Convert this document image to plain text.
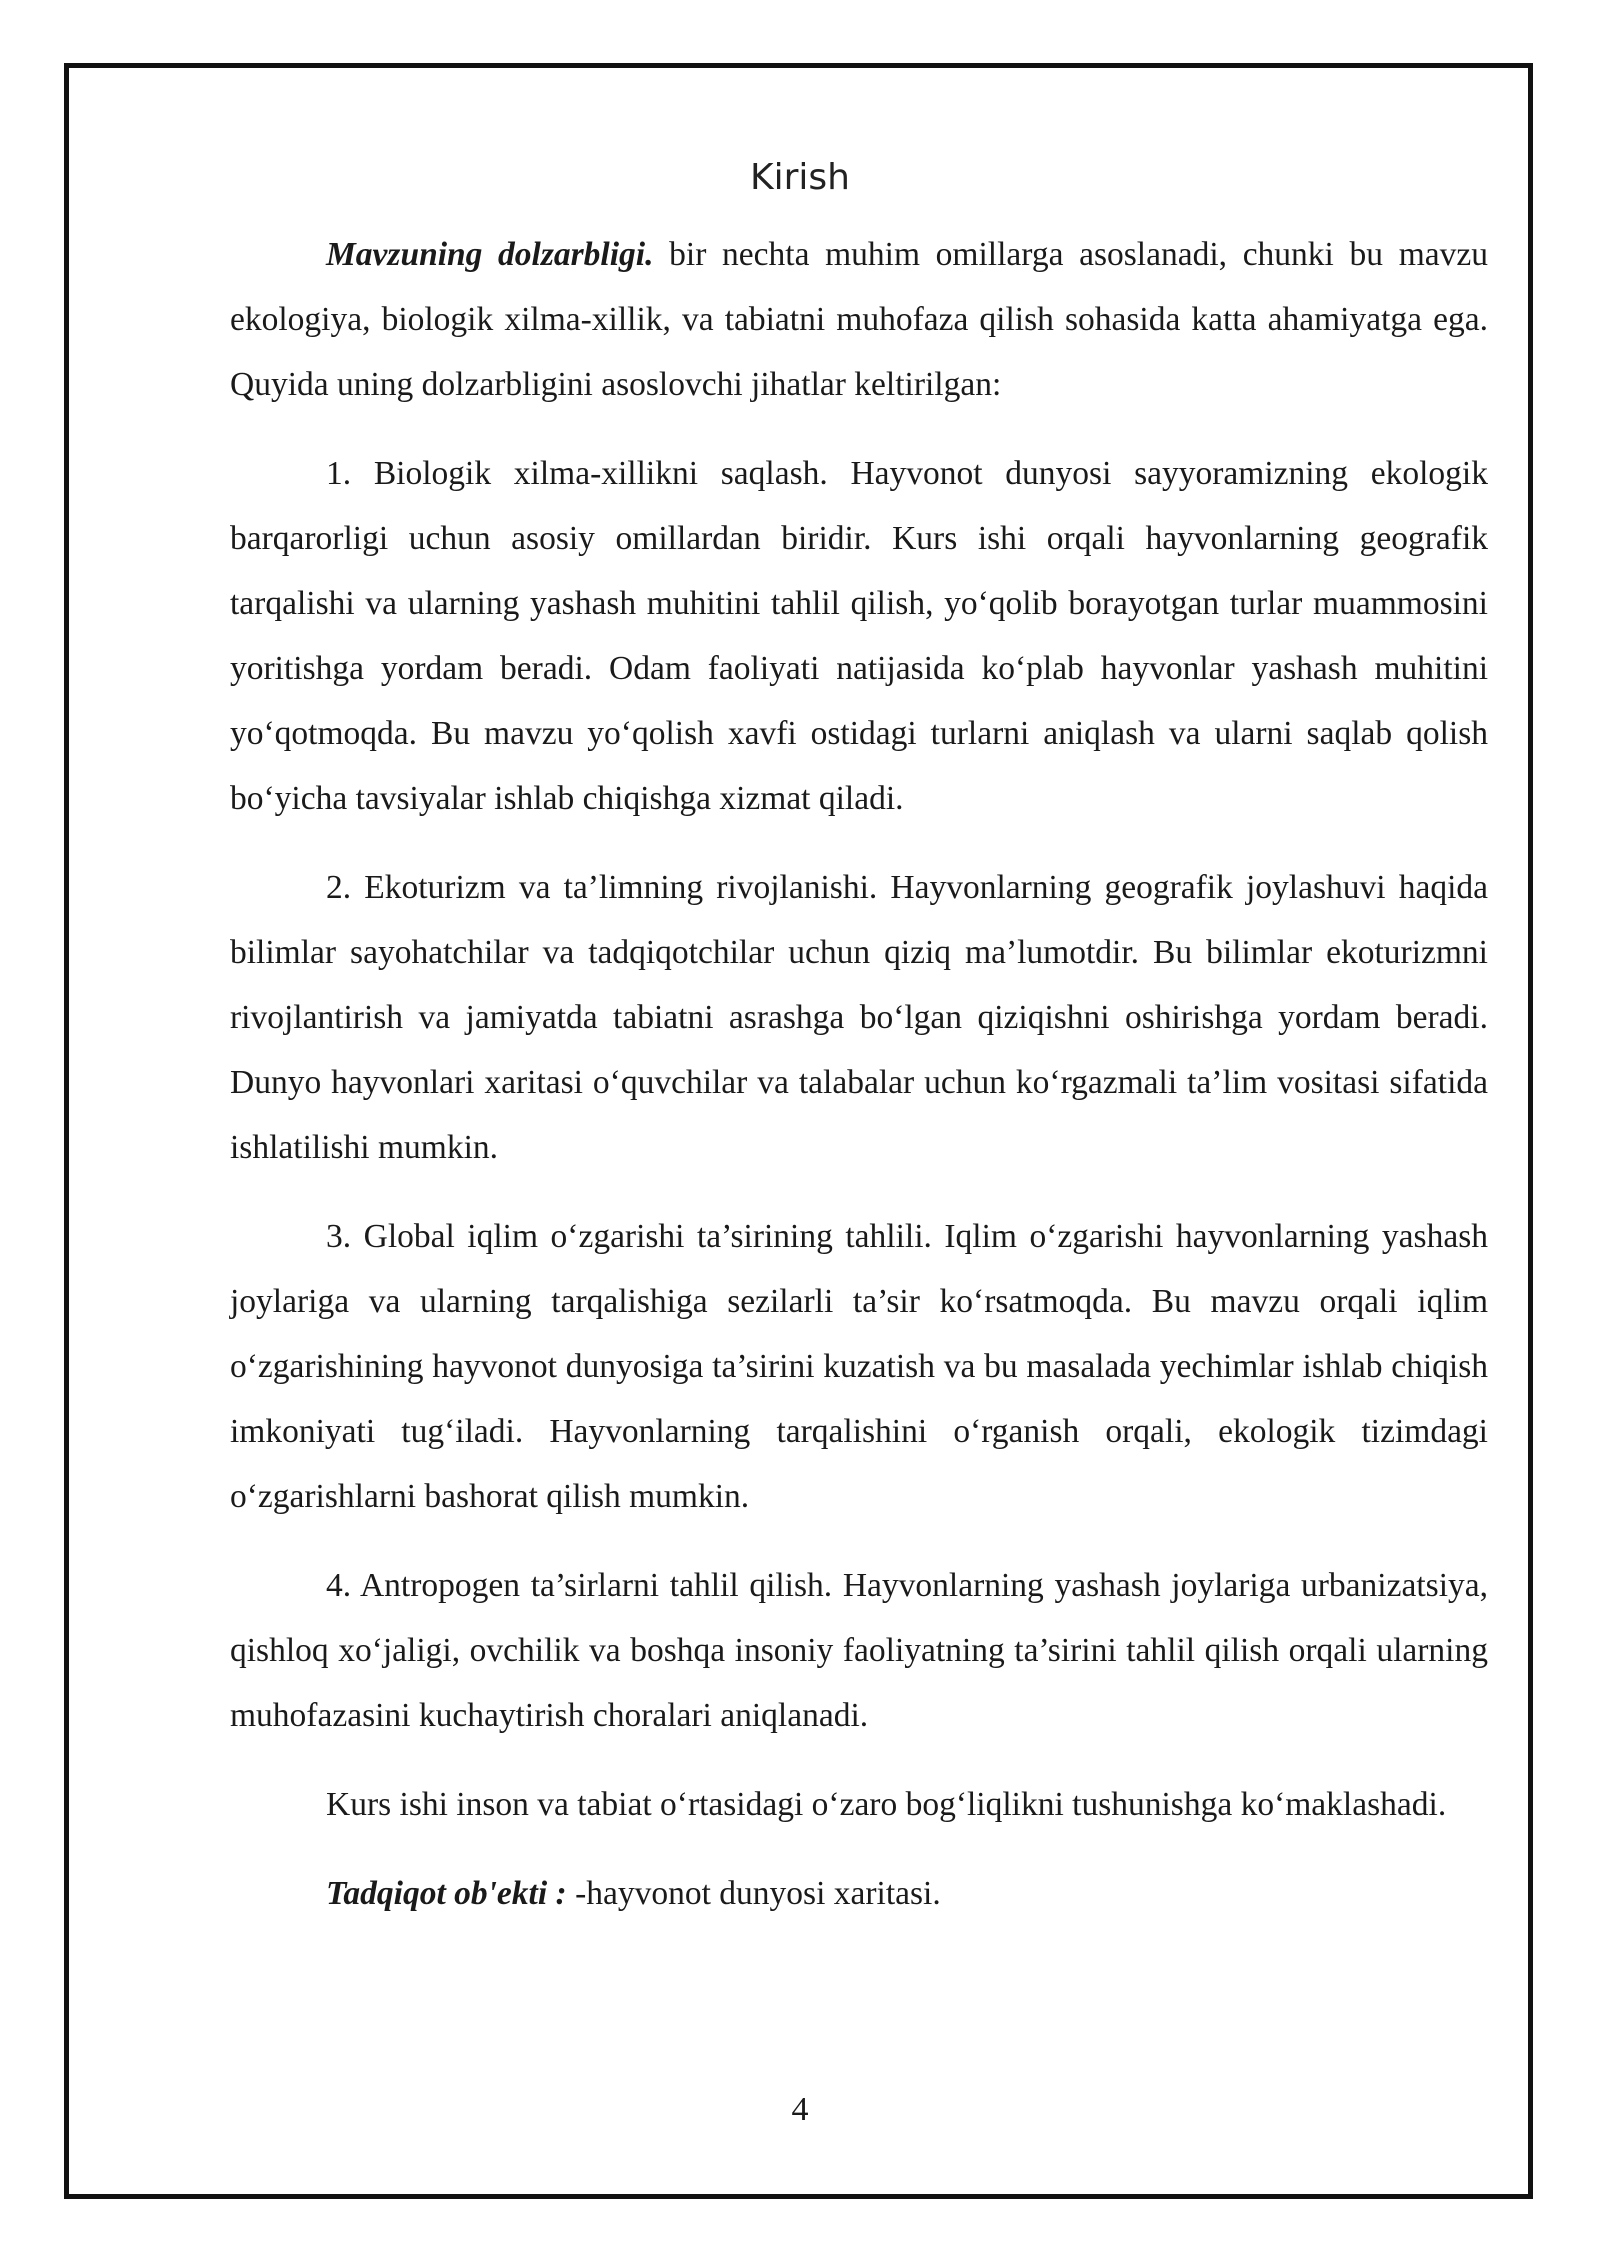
Kirish

Mavzuning dolzarbligi. bir nechta muhim omillarga asoslanadi, chunki bu mavzu ekologiya, biologik xilma-xillik, va tabiatni muhofaza qilish sohasida katta ahamiyatga ega. Quyida uning dolzarbligini asoslovchi jihatlar keltirilgan:

1. Biologik xilma-xillikni saqlash. Hayvonot dunyosi sayyoramizning ekologik barqarorligi uchun asosiy omillardan biridir. Kurs ishi orqali hayvonlarning geografik tarqalishi va ularning yashash muhitini tahlil qilish, yo‘qolib borayotgan turlar muammosini yoritishga yordam beradi. Odam faoliyati natijasida ko‘plab hayvonlar yashash muhitini yo‘qotmoqda. Bu mavzu yo‘qolish xavfi ostidagi turlarni aniqlash va ularni saqlab qolish bo‘yicha tavsiyalar ishlab chiqishga xizmat qiladi.

2. Ekoturizm va ta’limning rivojlanishi. Hayvonlarning geografik joylashuvi haqida bilimlar sayohatchilar va tadqiqotchilar uchun qiziq ma’lumotdir. Bu bilimlar ekoturizmni rivojlantirish va jamiyatda tabiatni asrashga bo‘lgan qiziqishni oshirishga yordam beradi. Dunyo hayvonlari xaritasi o‘quvchilar va talabalar uchun ko‘rgazmali ta’lim vositasi sifatida ishlatilishi mumkin.

3. Global iqlim o‘zgarishi ta’sirining tahlili. Iqlim o‘zgarishi hayvonlarning yashash joylariga va ularning tarqalishiga sezilarli ta’sir ko‘rsatmoqda. Bu mavzu orqali iqlim o‘zgarishining hayvonot dunyosiga ta’sirini kuzatish va bu masalada yechimlar ishlab chiqish imkoniyati tug‘iladi. Hayvonlarning tarqalishini o‘rganish orqali, ekologik tizimdagi o‘zgarishlarni bashorat qilish mumkin.

4. Antropogen ta’sirlarni tahlil qilish. Hayvonlarning yashash joylariga urbanizatsiya, qishloq xo‘jaligi, ovchilik va boshqa insoniy faoliyatning ta’sirini tahlil qilish orqali ularning muhofazasini kuchaytirish choralari aniqlanadi.

Kurs ishi inson va tabiat o‘rtasidagi o‘zaro bog‘liqlikni tushunishga ko‘maklashadi.

Tadqiqot ob'ekti : -hayvonot dunyosi xaritasi.

4
